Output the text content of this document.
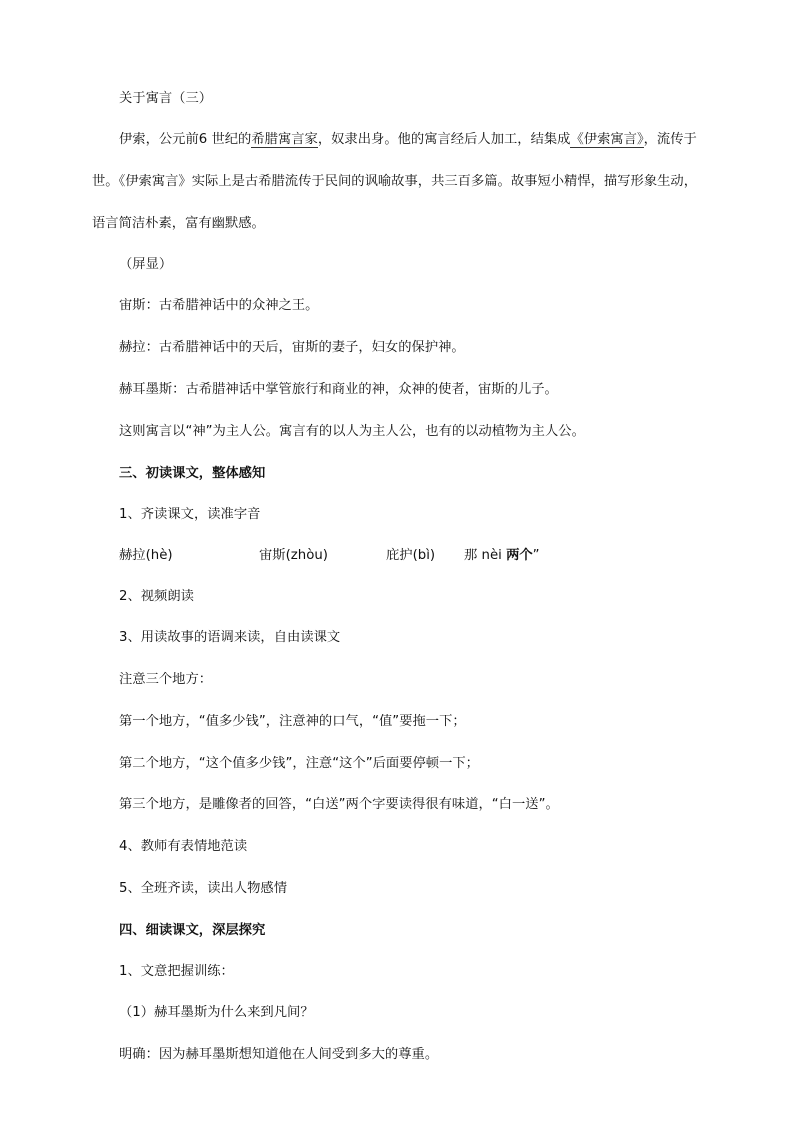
关于寓言（三）
伊索，公元前6 世纪的希腊寓言家，奴隶出身。他的寓言经后人加工，结集成《伊索寓言》，流传于世。《伊索寓言》实际上是古希腊流传于民间的讽喻故事，共三百多篇。故事短小精悍，描写形象生动，语言简洁朴素，富有幽默感。
（屏显）
宙斯：古希腊神话中的众神之王。
赫拉：古希腊神话中的天后，宙斯的妻子，妇女的保护神。
赫耳墨斯：古希腊神话中掌管旅行和商业的神，众神的使者，宙斯的儿子。
这则寓言以“神”为主人公。寓言有的以人为主人公，也有的以动植物为主人公。
三、初读课文，整体感知
1、齐读课文，读准字音
赫拉(hè)	宙斯(zhòu)	庇护(bì) 那 nèi 两个”
2、视频朗读
3、用读故事的语调来读，自由读课文
注意三个地方：
第一个地方，“值多少钱”，注意神的口气，“值”要拖一下；
第二个地方，“这个值多少钱”，注意“这个”后面要停顿一下；
第三个地方，是雕像者的回答，“白送”两个字要读得很有味道，“白一送”。
4、教师有表情地范读
5、全班齐读，读出人物感情
四、细读课文，深层探究
1、文意把握训练：
（1）赫耳墨斯为什么来到凡间？
明确：因为赫耳墨斯想知道他在人间受到多大的尊重。
